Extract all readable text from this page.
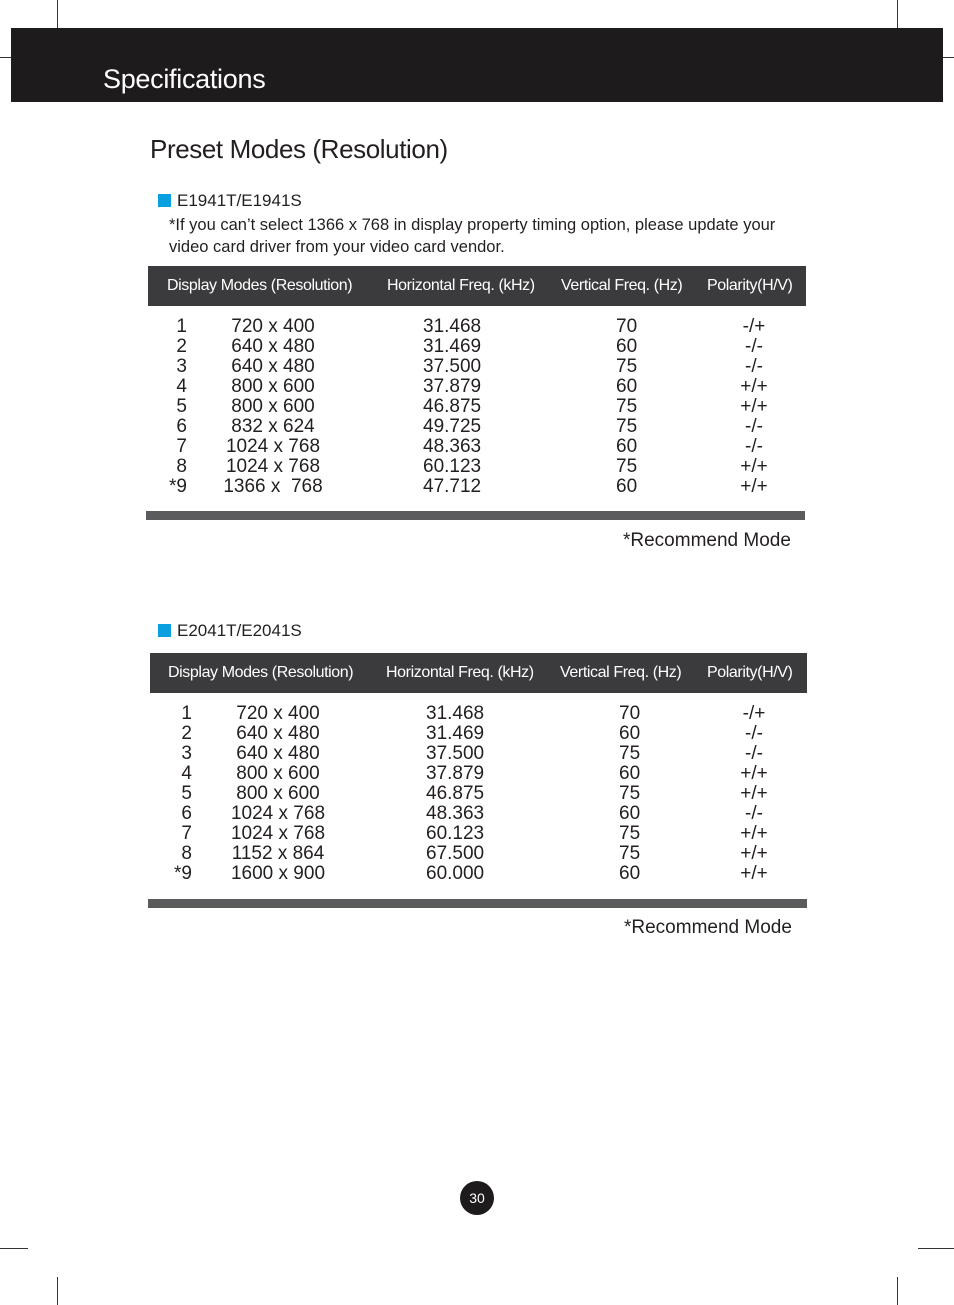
Specifications
Preset Modes (Resolution)
E1941T/E1941S
*If you can’t select 1366 x 768 in display property timing option, please update your video card driver from your video card vendor.
Display Modes (Resolution) Horizontal Freq. (kHz) Vertical Freq. (Hz) Polarity(H/V)
1
2
3
4
5
6
7
8
*9
720 x 400
640 x 480
640 x 480
800 x 600
800 x 600
832 x 624
1024 x 768
1024 x 768
1366 x  768
31.468
31.469
37.500
37.879
46.875
49.725
48.363
60.123
47.712
70
60
75
60
75
75
60
75
60
-/+
-/-
-/-
+/+
+/+
-/-
-/-
+/+
+/+
*Recommend Mode
E2041T/E2041S
Display Modes (Resolution) Horizontal Freq. (kHz) Vertical Freq. (Hz) Polarity(H/V)
1
2
3
4
5
6
7
8
*9
720 x 400
640 x 480
640 x 480
800 x 600
800 x 600
1024 x 768
1024 x 768
1152 x 864
1600 x 900
31.468
31.469
37.500
37.879
46.875
48.363
60.123
67.500
60.000
70
60
75
60
75
60
75
75
60
-/+
-/-
-/-
+/+
+/+
-/-
+/+
+/+
+/+
*Recommend Mode
30
